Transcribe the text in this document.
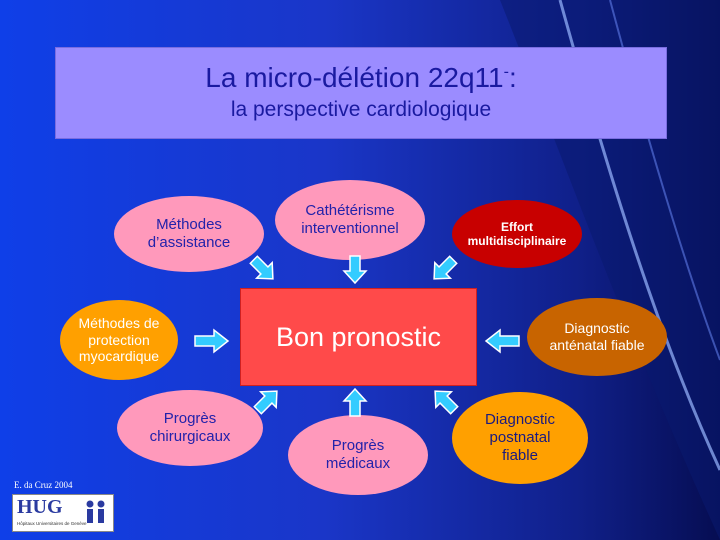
La micro-délétion 22q11-:
la perspective cardiologique
Méthodes d’assistance
Cathétérisme interventionnel	Effort multidisciplinaire
Méthodes de protection myocardique
Bon pronostic	Diagnostic anténatal fiable
Progrès chirurgicaux
Progrès médicaux
Diagnostic postnatal fiable
E. da Cruz 2004
HUG
Hôpitaux Universitaires de Genève
